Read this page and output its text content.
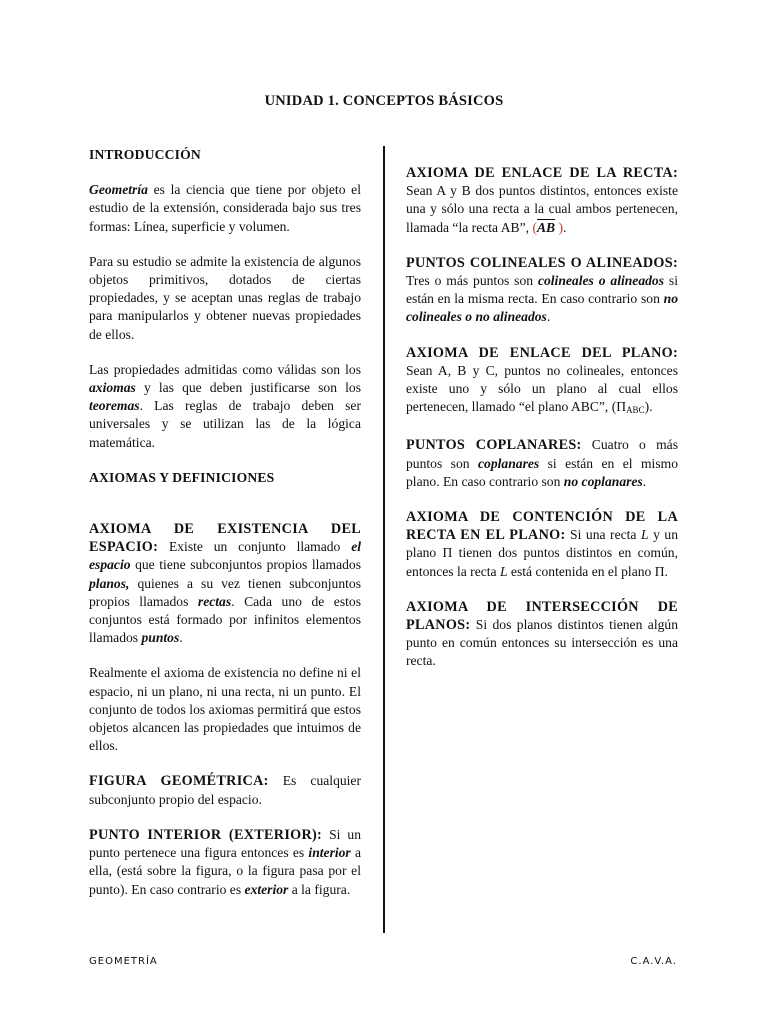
UNIDAD 1. CONCEPTOS BÁSICOS
INTRODUCCIÓN

Geometría es la ciencia que tiene por objeto el estudio de la extensión, considerada bajo sus tres formas: Línea, superficie y volumen.

Para su estudio se admite la existencia de algunos objetos primitivos, dotados de ciertas propiedades, y se aceptan unas reglas de trabajo para manipularlos y obtener nuevas propiedades de ellos.

Las propiedades admitidas como válidas son los axiomas y las que deben justificarse son los teoremas. Las reglas de trabajo deben ser universales y se utilizan las de la lógica matemática.

AXIOMAS Y DEFINICIONES

AXIOMA DE EXISTENCIA DEL ESPACIO: Existe un conjunto llamado el espacio que tiene subconjuntos propios llamados planos, quienes a su vez tienen subconjuntos propios llamados rectas. Cada uno de estos conjuntos está formado por infinitos elementos llamados puntos.

Realmente el axioma de existencia no define ni el espacio, ni un plano, ni una recta, ni un punto. El conjunto de todos los axiomas permitirá que estos objetos alcancen las propiedades que intuimos de ellos.

FIGURA GEOMÉTRICA: Es cualquier subconjunto propio del espacio.

PUNTO INTERIOR (EXTERIOR): Si un punto pertenece una figura entonces es interior a ella, (está sobre la figura, o la figura pasa por el punto). En caso contrario es exterior a la figura.

AXIOMA DE ENLACE DE LA RECTA: Sean A y B dos puntos distintos, entonces existe una y sólo una recta a la cual ambos pertenecen, llamada “la recta AB”, ($\overline{AB}$ ).

PUNTOS COLINEALES O ALINEADOS: Tres o más puntos son colineales o alineados si están en la misma recta. En caso contrario son no colineales o no alineados.

AXIOMA DE ENLACE DEL PLANO: Sean A, B y C, puntos no colineales, entonces existe uno y sólo un plano al cual ellos pertenecen, llamado “el plano ABC”, $(\Pi_{ABC})$.

PUNTOS COPLANARES: Cuatro o más puntos son coplanares si están en el mismo plano. En caso contrario son no coplanares.

AXIOMA DE CONTENCIÓN DE LA RECTA EN EL PLANO: Si una recta L y un plano Π tienen dos puntos distintos en común, entonces la recta L está contenida en el plano Π.

AXIOMA DE INTERSECCIÓN DE PLANOS: Si dos planos distintos tienen algún punto en común entonces su intersección es una recta.

GEOMETRÍA	C.A.V.A.
